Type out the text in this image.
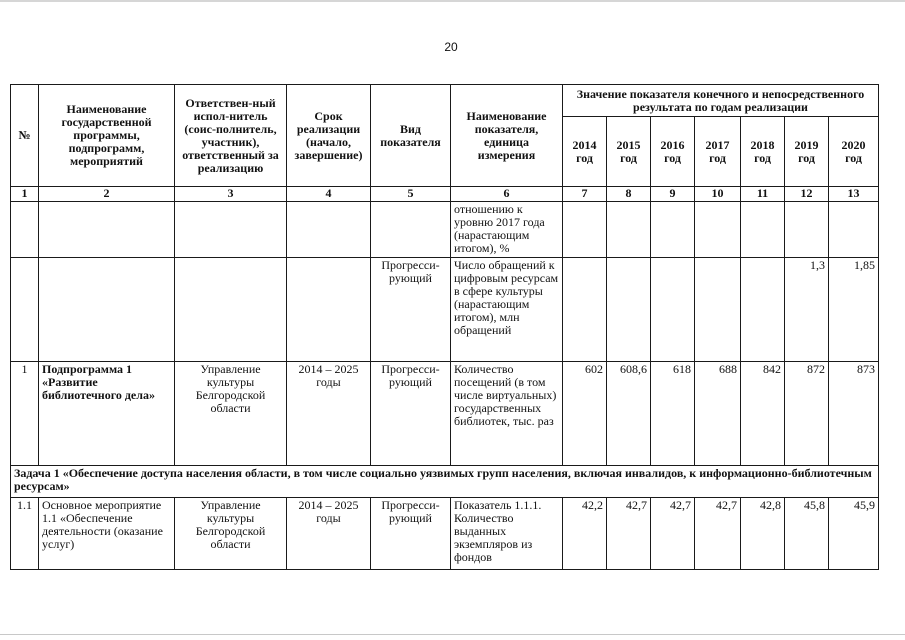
20
№	Наименование государственной программы, подпрограмм, мероприятий	Ответствен-ный испол-нитель (соис-полнитель, участник), ответственный за реализацию	Срок реализации (начало, завершение)	Вид показателя	Наименование показателя, единица измерения	Значение показателя конечного и непосредственного результата по годам реализации						
						2014 год	2015 год	2016 год	2017 год	2018 год	2019 год	2020 год
1	2	3	4	5	6	7	8	9	10	11	12	13
					отношению к уровню 2017 года (нарастающим итогом), %							
				Прогресси-рующий	Число обращений к цифровым ресурсам в сфере культуры (нарастающим итогом), млн обращений						1,3	1,85
1	Подпрограмма 1 «Развитие библиотечного дела»	Управление культуры Белгородской области	2014 – 2025 годы	Прогресси-рующий	Количество посещений (в том числе виртуальных) государственных библиотек, тыс. раз	602	608,6	618	688	842	872	873
Задача 1 «Обеспечение доступа населения области, в том числе социально уязвимых групп населения, включая инвалидов, к информационно-библиотечным ресурсам»												
1.1	Основное мероприятие 1.1 «Обеспечение деятельности (оказание услуг)	Управление культуры Белгородской области	2014 – 2025 годы	Прогресси-рующий	Показатель 1.1.1. Количество выданных экземпляров из фондов	42,2	42,7	42,7	42,7	42,8	45,8	45,9
